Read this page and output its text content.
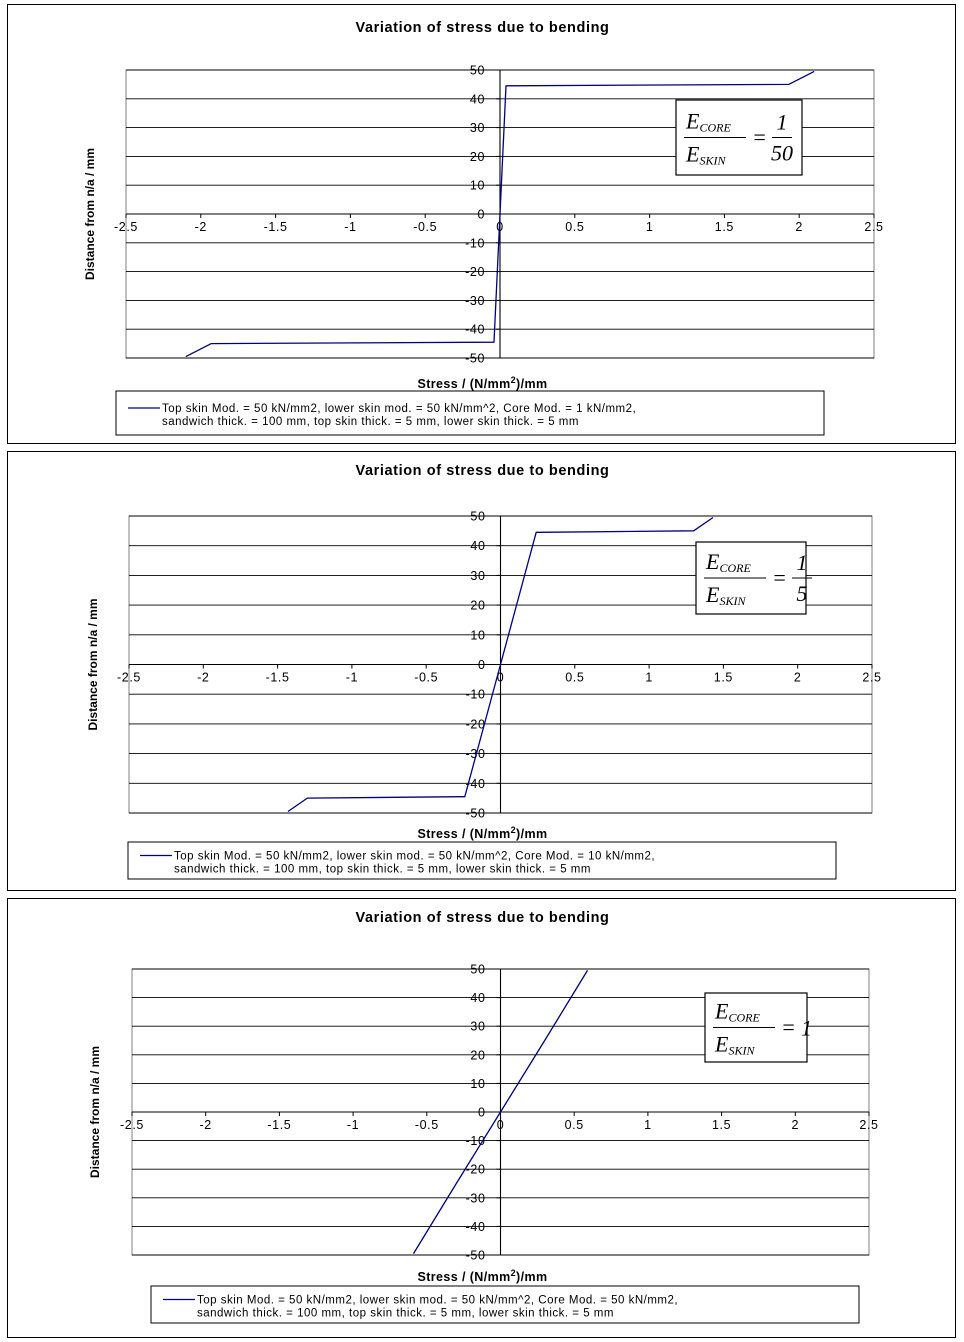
Variation of stress due to bending
-2.5	-2	-1.5	-1	-0.5	0	0.5	1	1.5	2	2.5
50
40
30
20
10
0
-10
-20
-30
-40
-50
Stress / $(N/mm^2)/mm$
Distance from n/a / mm
Top skin Mod. = 50 kN/mm2, lower skin mod. = 50 kN/mm^2, Core Mod. = 1 kN/mm2,
sandwich thick. = 100 mm, top skin thick. = 5 mm, lower skin thick. = 5 mm
ECORE
ESKIN
=
1
50
Variation of stress due to bending
-2.5	-2	-1.5	-1	-0.5	0	0.5	1	1.5	2	2.5
50
40
30
20
10
0
-10
-20
-30
-40
-50
Stress / $(N/mm^2)/mm$
Distance from n/a / mm
Top skin Mod. = 50 kN/mm2, lower skin mod. = 50 kN/mm^2, Core Mod. = 10 kN/mm2,
sandwich thick. = 100 mm, top skin thick. = 5 mm, lower skin thick. = 5 mm
ECORE
ESKIN
=
1
5
Variation of stress due to bending
-2.5	-2	-1.5	-1	-0.5	0	0.5	1	1.5	2	2.5
50
40
30
20
10
0
-10
-20
-30
-40
-50
Stress / $(N/mm^2)/mm$
Distance from n/a / mm
Top skin Mod. = 50 kN/mm2, lower skin mod. = 50 kN/mm^2, Core Mod. = 50 kN/mm2,
sandwich thick. = 100 mm, top skin thick. = 5 mm, lower skin thick. = 5 mm
ECORE
ESKIN
= 1
